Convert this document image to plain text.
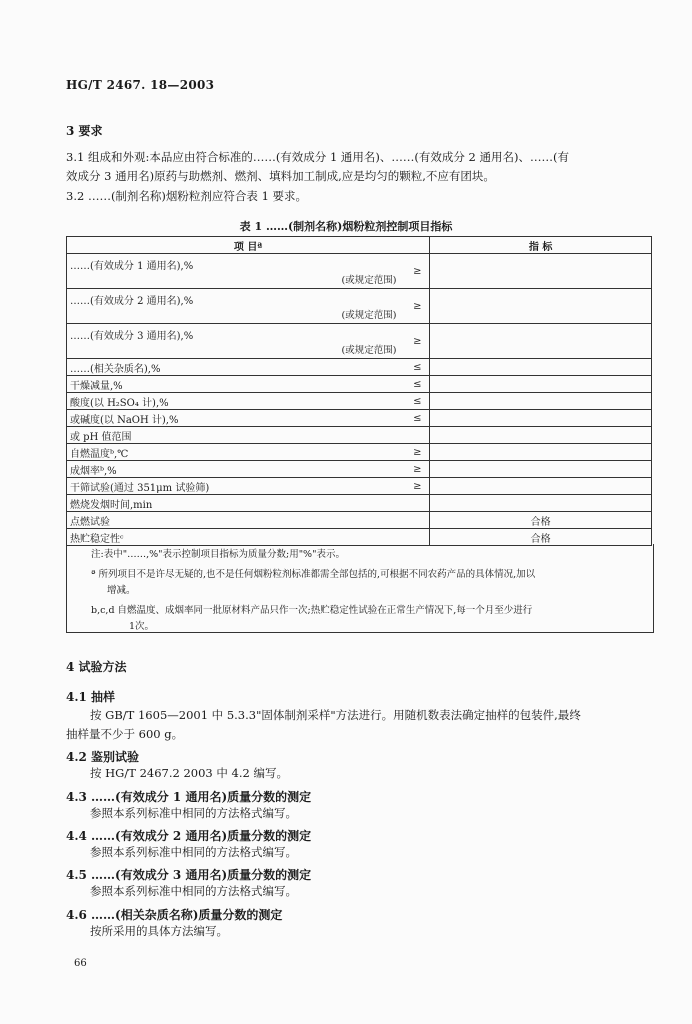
HG/T 2467. 18—2003
3 要求
3.1 组成和外观:本品应由符合标准的……(有效成分 1 通用名)、……(有效成分 2 通用名)、……(有
效成分 3 通用名)原药与助燃剂、燃剂、填料加工制成,应是均匀的颗粒,不应有团块。
3.2 ……(制剂名称)烟粉粒剂应符合表 1 要求。
表 1 ……(制剂名称)烟粉粒剂控制项目指标
项 目ª		指 标

……(有效成分 1 通用名),%
(或规定范围)	≥	

……(有效成分 2 通用名),%
(或规定范围)	≥	

……(有效成分 3 通用名),%
(或规定范围)	≥	

……(相关杂质名),%	≤	

干燥减量,%	≤	

酸度(以 H₂SO₄ 计),%	≤	

或碱度(以 NaOH 计),%	≤	

或 pH 值范围		

自燃温度ᵇ,℃	≥	

成烟率ᵇ,%	≥	

干筛试验(通过 351μm 试验筛)	≥	

燃烧发烟时间,min		

点燃试验		合格

热贮稳定性ᶜ		合格
注:表中"……,%"表示控制项目指标为质量分数;用"%"表示。
ª 所列项目不是许尽无疑的,也不是任何烟粉粒剂标准都需全部包括的,可根据不同农药产品的具体情况,加以
增减。
b,c,d 自燃温度、成烟率同一批原材料产品只作一次;热贮稳定性试验在正常生产情况下,每一个月至少进行
1次。
4 试验方法
4.1 抽样
按 GB/T 1605—2001 中 5.3.3"固体制剂采样"方法进行。用随机数表法确定抽样的包装件,最终
抽样量不少于 600 g。
4.2 鉴别试验
按 HG/T 2467.2 2003 中 4.2 编写。
4.3 ……(有效成分 1 通用名)质量分数的测定
参照本系列标准中相同的方法格式编写。
4.4 ……(有效成分 2 通用名)质量分数的测定
参照本系列标准中相同的方法格式编写。
4.5 ……(有效成分 3 通用名)质量分数的测定
参照本系列标准中相同的方法格式编写。
4.6 ……(相关杂质名称)质量分数的测定
按所采用的具体方法编写。
66
